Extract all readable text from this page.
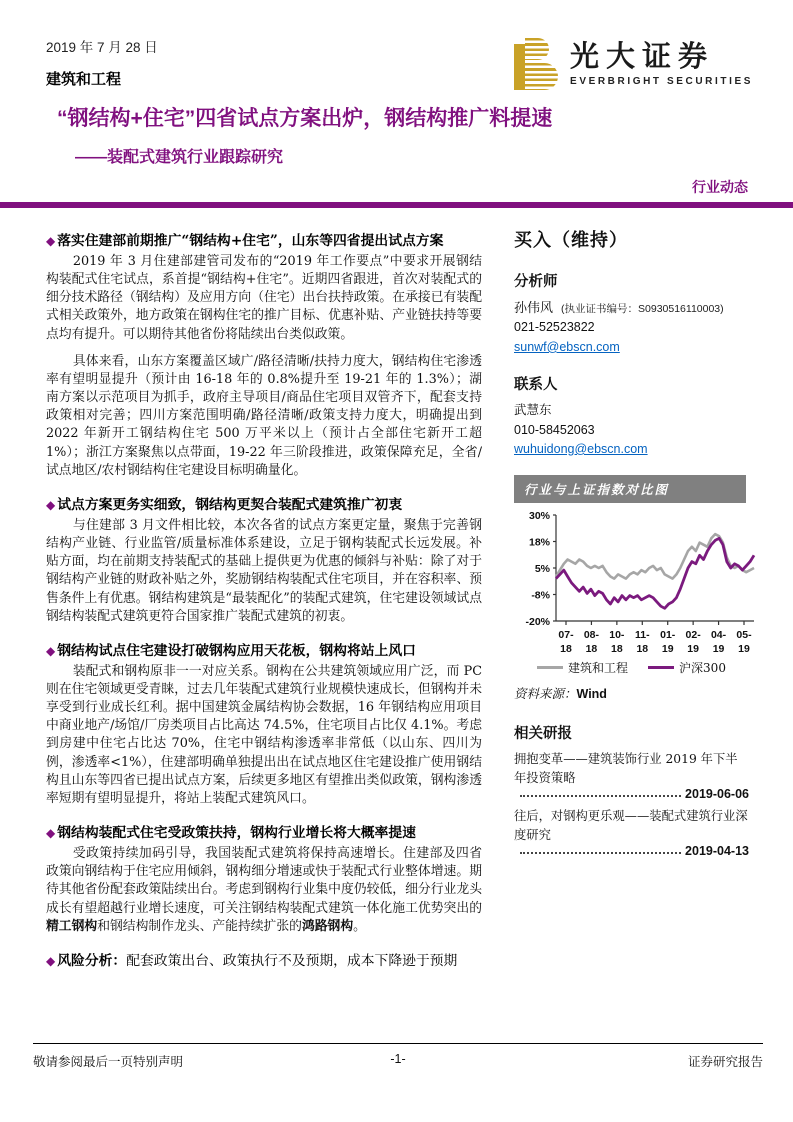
2019 年 7 月 28 日
建筑和工程
光大证券
EVERBRIGHT SECURITIES
“钢结构+住宅”四省试点方案出炉，钢结构推广料提速
——装配式建筑行业跟踪研究
行业动态
◆ 落实住建部前期推广“钢结构+住宅”，山东等四省提出试点方案

2019 年 3 月住建部建管司发布的“2019 年工作要点”中要求开展钢结构装配式住宅试点，系首提“钢结构+住宅”。近期四省跟进，首次对装配式的细分技术路径（钢结构）及应用方向（住宅）出台扶持政策。在承接已有装配式相关政策外，地方政策在钢构住宅的推广目标、优惠补贴、产业链扶持等要点均有提升。可以期待其他省份将陆续出台类似政策。

具体来看，山东方案覆盖区域广/路径清晰/扶持力度大，钢结构住宅渗透率有望明显提升（预计由 16-18 年的 0.8%提升至 19-21 年的 1.3%）；湖南方案以示范项目为抓手，政府主导项目/商品住宅项目双管齐下，配套支持政策相对完善；四川方案范围明确/路径清晰/政策支持力度大，明确提出到 2022 年新开工钢结构住宅 500 万平米以上（预计占全部住宅新开工超 1%）；浙江方案聚焦以点带面，19-22 年三阶段推进，政策保障充足，全省/试点地区/农村钢结构住宅建设目标明确量化。

◆ 试点方案更务实细致，钢结构更契合装配式建筑推广初衷

与住建部 3 月文件相比较，本次各省的试点方案更定量，聚焦于完善钢结构产业链、行业监管/质量标准体系建设，立足于钢构装配式长远发展。补贴方面，均在前期支持装配式的基础上提供更为优惠的倾斜与补贴：除了对于钢结构产业链的财政补贴之外，奖励钢结构装配式住宅项目，并在容积率、预售条件上有优惠。钢结构建筑是“最装配化”的装配式建筑，住宅建设领域试点钢结构装配式建筑更符合国家推广装配式建筑的初衷。

◆ 钢结构试点住宅建设打破钢构应用天花板，钢构将站上风口

装配式和钢构原非一一对应关系。钢构在公共建筑领域应用广泛，而 PC 则在住宅领域更受青睐，过去几年装配式建筑行业规模快速成长，但钢构并未享受到行业成长红利。据中国建筑金属结构协会数据，16 年钢结构应用项目中商业地产/场馆/厂房类项目占比高达 74.5%，住宅项目占比仅 4.1%。考虑到房建中住宅占比达 70%，住宅中钢结构渗透率非常低（以山东、四川为例，渗透率<1%），住建部明确单独提出出在试点地区住宅建设推广使用钢结构且山东等四省已提出试点方案，后续更多地区有望推出类似政策，钢构渗透率短期有望明显提升，将站上装配式建筑风口。

◆ 钢结构装配式住宅受政策扶持，钢构行业增长将大概率提速

受政策持续加码引导，我国装配式建筑将保持高速增长。住建部及四省政策向钢结构于住宅应用倾斜，钢构细分增速或快于装配式行业整体增速。期待其他省份配套政策陆续出台。考虑到钢构行业集中度仍较低，细分行业龙头成长有望超越行业增长速度，可关注钢结构装配式建筑一体化施工优势突出的精工钢构和钢结构制作龙头、产能持续扩张的鸿路钢构。

◆ 风险分析：配套政策出台、政策执行不及预期，成本下降逊于预期
买入（维持）
分析师
孙伟风 (执业证书编号：S0930516110003)
021-52523822
sunwf@ebscn.com
联系人
武慧东
010-58452063
wuhuidong@ebscn.com
行业与上证指数对比图
30%
18%
5%
-8%
-20%
07-
18
08-
18
10-
18
11-
18
01-
19
02-
19
04-
19
05-
19
建筑和工程	沪深300
资料来源：Wind
相关研报
拥抱变革——建筑装饰行业 2019 年下半年投资策略
2019-06-06
往后，对钢构更乐观——装配式建筑行业深度研究
2019-04-13
敬请参阅最后一页特别声明	-1-	证券研究报告
